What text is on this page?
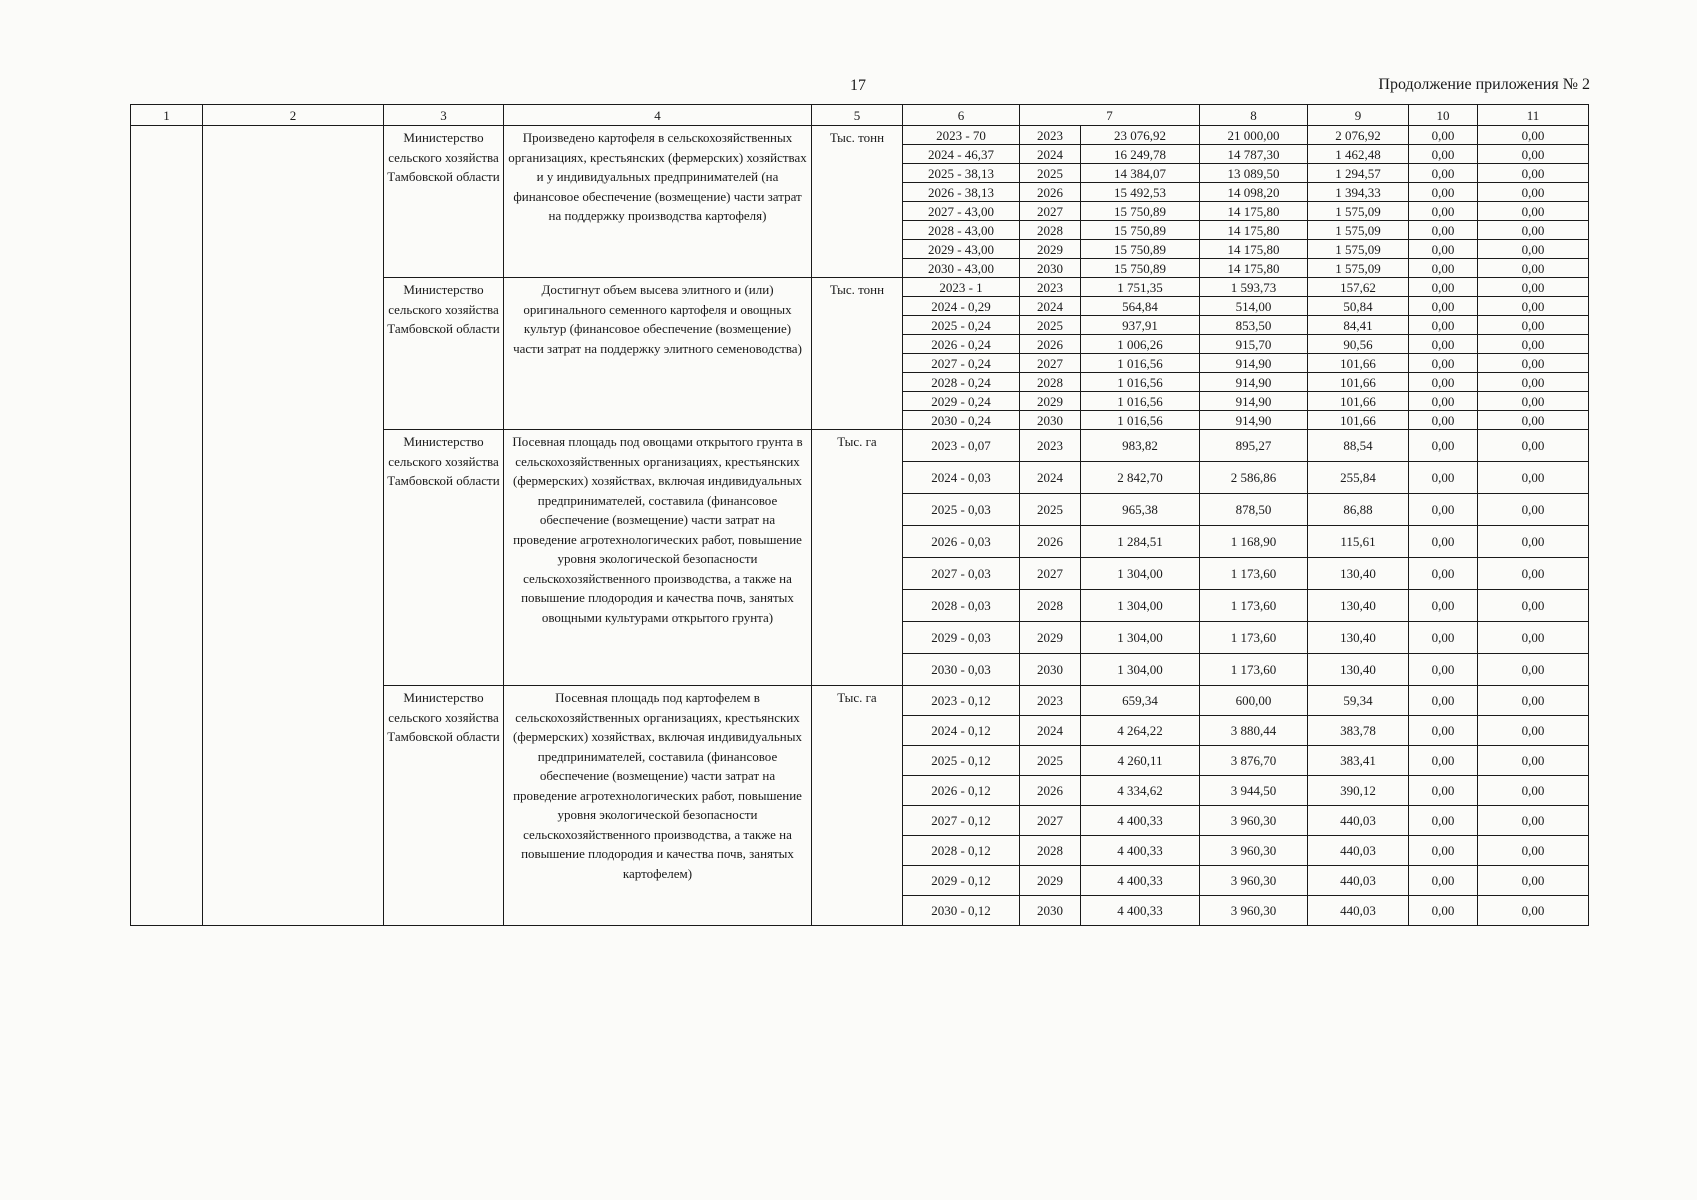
17	Продолжение приложения № 2
1	2	3	4	5	6	7		8	9	10	11
		Министерство сельского хозяйства Тамбовской области	Произведено картофеля в сельскохозяйственных организациях, крестьянских (фермерских) хозяйствах и у индивидуальных предпринимателей (на финансовое обеспечение (возмещение) части затрат на поддержку производства картофеля)	Тыс. тонн	2023 - 70	2023	23 076,92	21 000,00	2 076,92	0,00	0,00
					2024 - 46,37	2024	16 249,78	14 787,30	1 462,48	0,00	0,00
					2025 - 38,13	2025	14 384,07	13 089,50	1 294,57	0,00	0,00
					2026 - 38,13	2026	15 492,53	14 098,20	1 394,33	0,00	0,00
					2027 - 43,00	2027	15 750,89	14 175,80	1 575,09	0,00	0,00
					2028 - 43,00	2028	15 750,89	14 175,80	1 575,09	0,00	0,00
					2029 - 43,00	2029	15 750,89	14 175,80	1 575,09	0,00	0,00
					2030 - 43,00	2030	15 750,89	14 175,80	1 575,09	0,00	0,00
		Министерство сельского хозяйства Тамбовской области	Достигнут объем высева элитного и (или) оригинального семенного картофеля и овощных культур (финансовое обеспечение (возмещение) части затрат на поддержку элитного семеноводства)	Тыс. тонн	2023 - 1	2023	1 751,35	1 593,73	157,62	0,00	0,00
					2024 - 0,29	2024	564,84	514,00	50,84	0,00	0,00
					2025 - 0,24	2025	937,91	853,50	84,41	0,00	0,00
					2026 - 0,24	2026	1 006,26	915,70	90,56	0,00	0,00
					2027 - 0,24	2027	1 016,56	914,90	101,66	0,00	0,00
					2028 - 0,24	2028	1 016,56	914,90	101,66	0,00	0,00
					2029 - 0,24	2029	1 016,56	914,90	101,66	0,00	0,00
					2030 - 0,24	2030	1 016,56	914,90	101,66	0,00	0,00
		Министерство сельского хозяйства Тамбовской области	Посевная площадь под овощами открытого грунта в сельскохозяйственных организациях, крестьянских (фермерских) хозяйствах, включая индивидуальных предпринимателей, составила (финансовое обеспечение (возмещение) части затрат на проведение агротехнологических работ, повышение уровня экологической безопасности сельскохозяйственного производства, а также на повышение плодородия и качества почв, занятых овощными культурами открытого грунта)	Тыс. га	2023 - 0,07	2023	983,82	895,27	88,54	0,00	0,00
					2024 - 0,03	2024	2 842,70	2 586,86	255,84	0,00	0,00
					2025 - 0,03	2025	965,38	878,50	86,88	0,00	0,00
					2026 - 0,03	2026	1 284,51	1 168,90	115,61	0,00	0,00
					2027 - 0,03	2027	1 304,00	1 173,60	130,40	0,00	0,00
					2028 - 0,03	2028	1 304,00	1 173,60	130,40	0,00	0,00
					2029 - 0,03	2029	1 304,00	1 173,60	130,40	0,00	0,00
					2030 - 0,03	2030	1 304,00	1 173,60	130,40	0,00	0,00
		Министерство сельского хозяйства Тамбовской области	Посевная площадь под картофелем в сельскохозяйственных организациях, крестьянских (фермерских) хозяйствах, включая индивидуальных предпринимателей, составила (финансовое обеспечение (возмещение) части затрат на проведение агротехнологических работ, повышение уровня экологической безопасности сельскохозяйственного производства, а также на повышение плодородия и качества почв, занятых картофелем)	Тыс. га	2023 - 0,12	2023	659,34	600,00	59,34	0,00	0,00
					2024 - 0,12	2024	4 264,22	3 880,44	383,78	0,00	0,00
					2025 - 0,12	2025	4 260,11	3 876,70	383,41	0,00	0,00
					2026 - 0,12	2026	4 334,62	3 944,50	390,12	0,00	0,00
					2027 - 0,12	2027	4 400,33	3 960,30	440,03	0,00	0,00
					2028 - 0,12	2028	4 400,33	3 960,30	440,03	0,00	0,00
					2029 - 0,12	2029	4 400,33	3 960,30	440,03	0,00	0,00
					2030 - 0,12	2030	4 400,33	3 960,30	440,03	0,00	0,00
